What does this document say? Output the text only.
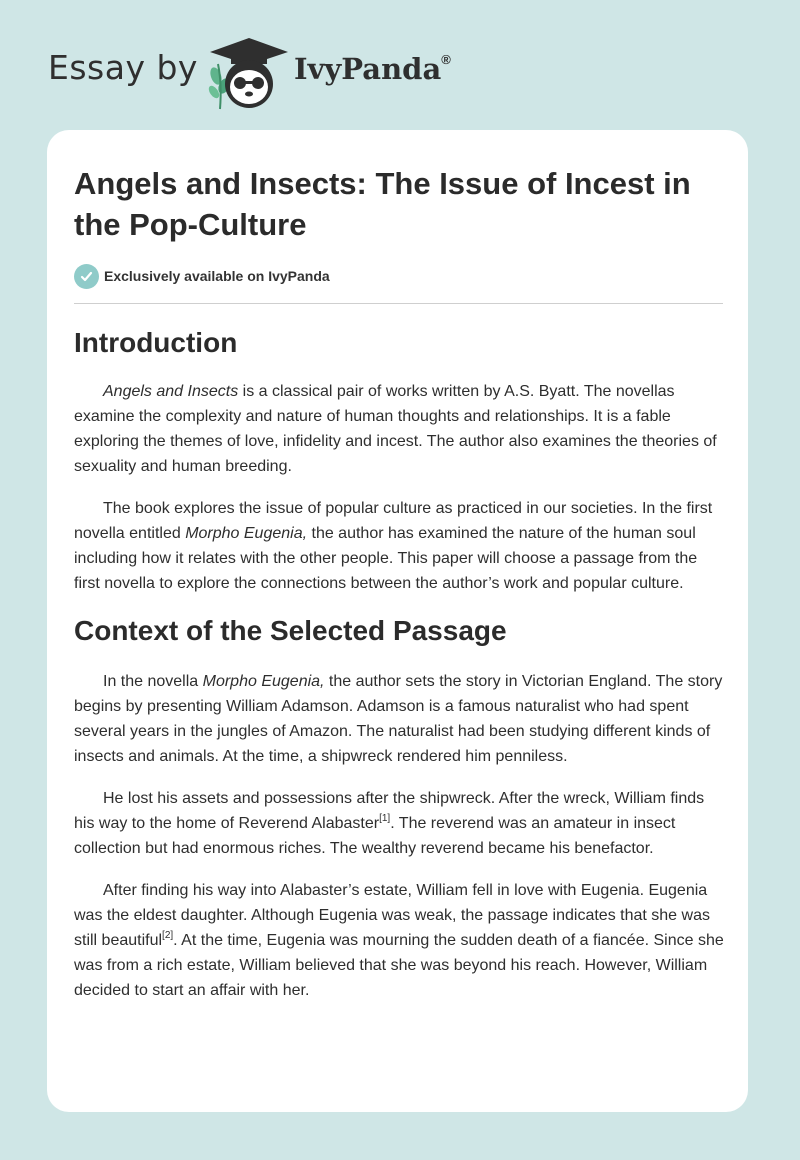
Essay by	IvyPanda®
Angels and Insects: The Issue of Incest in the Pop-Culture
Exclusively available on IvyPanda
Introduction

Angels and Insects is a classical pair of works written by A.S. Byatt. The novellas examine the complexity and nature of human thoughts and relationships. It is a fable exploring the themes of love, infidelity and incest. The author also examines the theories of sexuality and human breeding.

The book explores the issue of popular culture as practiced in our societies. In the first novella entitled Morpho Eugenia, the author has examined the nature of the human soul including how it relates with the other people. This paper will choose a passage from the first novella to explore the connections between the author’s work and popular culture.

Context of the Selected Passage

In the novella Morpho Eugenia, the author sets the story in Victorian England. The story begins by presenting William Adamson. Adamson is a famous naturalist who had spent several years in the jungles of Amazon. The naturalist had been studying different kinds of insects and animals. At the time, a shipwreck rendered him penniless.

He lost his assets and possessions after the shipwreck. After the wreck, William finds his way to the home of Reverend Alabaster[1]. The reverend was an amateur in insect collection but had enormous riches. The wealthy reverend became his benefactor.

After finding his way into Alabaster’s estate, William fell in love with Eugenia. Eugenia was the eldest daughter. Although Eugenia was weak, the passage indicates that she was still beautiful[2]. At the time, Eugenia was mourning the sudden death of a fiancée. Since she was from a rich estate, William believed that she was beyond his reach. However, William decided to start an affair with her.
